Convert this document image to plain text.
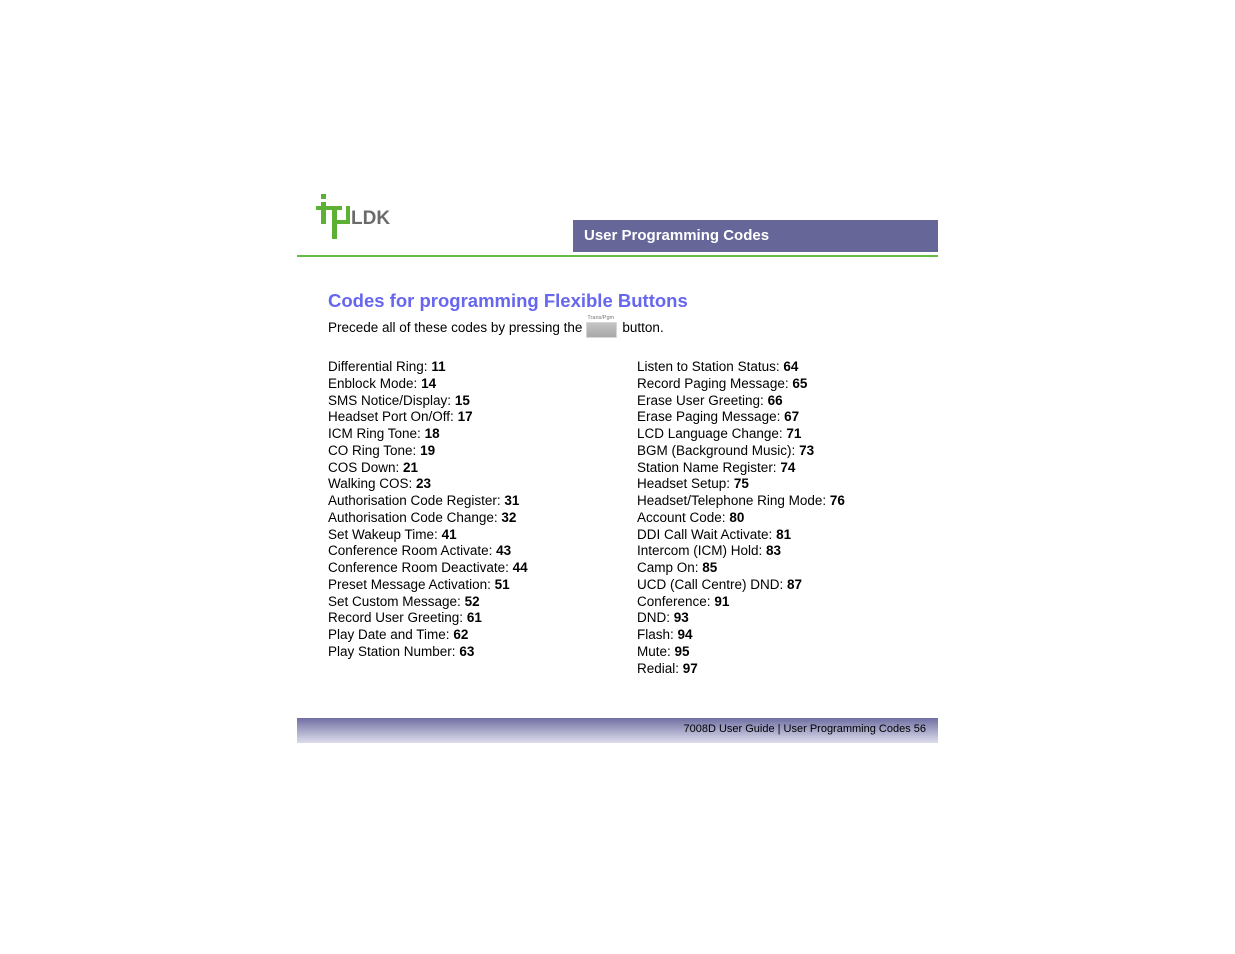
LDK
User Programming Codes
Codes for programming Flexible Buttons
Precede all of these codes by pressing the
Trans/Pgm
button.
Differential Ring: 11
Enblock Mode: 14
SMS Notice/Display: 15
Headset Port On/Off: 17
ICM Ring Tone: 18
CO Ring Tone: 19
COS Down: 21
Walking COS: 23
Authorisation Code Register: 31
Authorisation Code Change: 32
Set Wakeup Time: 41
Conference Room Activate: 43
Conference Room Deactivate: 44
Preset Message Activation: 51
Set Custom Message: 52
Record User Greeting: 61
Play Date and Time: 62
Play Station Number: 63
Listen to Station Status: 64
Record Paging Message: 65
Erase User Greeting: 66
Erase Paging Message: 67
LCD Language Change: 71
BGM (Background Music): 73
Station Name Register: 74
Headset Setup: 75
Headset/Telephone Ring Mode: 76
Account Code: 80
DDI Call Wait Activate: 81
Intercom (ICM) Hold: 83
Camp On: 85
UCD (Call Centre) DND: 87
Conference: 91
DND: 93
Flash: 94
Mute: 95
Redial: 97
7008D User Guide | User Programming Codes 56
